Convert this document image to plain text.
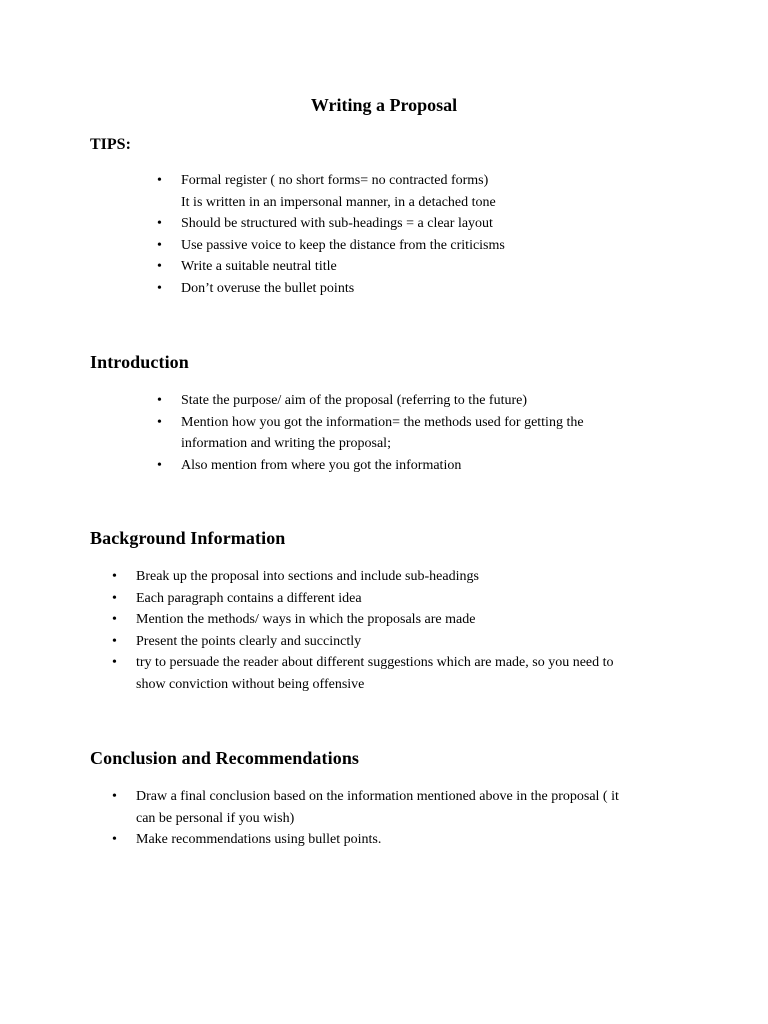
Writing a Proposal
TIPS:
• Formal register ( no short forms= no contracted forms)
It is written in an impersonal manner, in a detached tone
• Should be structured with sub-headings = a clear layout
• Use passive voice to keep the distance from the criticisms
• Write a suitable neutral title
• Don’t overuse the bullet points
Introduction
• State the purpose/ aim of the proposal (referring to the future)
• Mention how you got the information= the methods used for getting the
information and writing the proposal;
• Also mention from where you got the information
Background Information
• Break up the proposal into sections and include sub-headings
• Each paragraph contains a different idea
• Mention the methods/ ways in which the proposals are made
• Present the points clearly and succinctly
• try to persuade the reader about different suggestions which are made, so you need to
show conviction without being offensive
Conclusion and Recommendations
• Draw a final conclusion based on the information mentioned above in the proposal ( it
can be personal if you wish)
• Make recommendations using bullet points.
